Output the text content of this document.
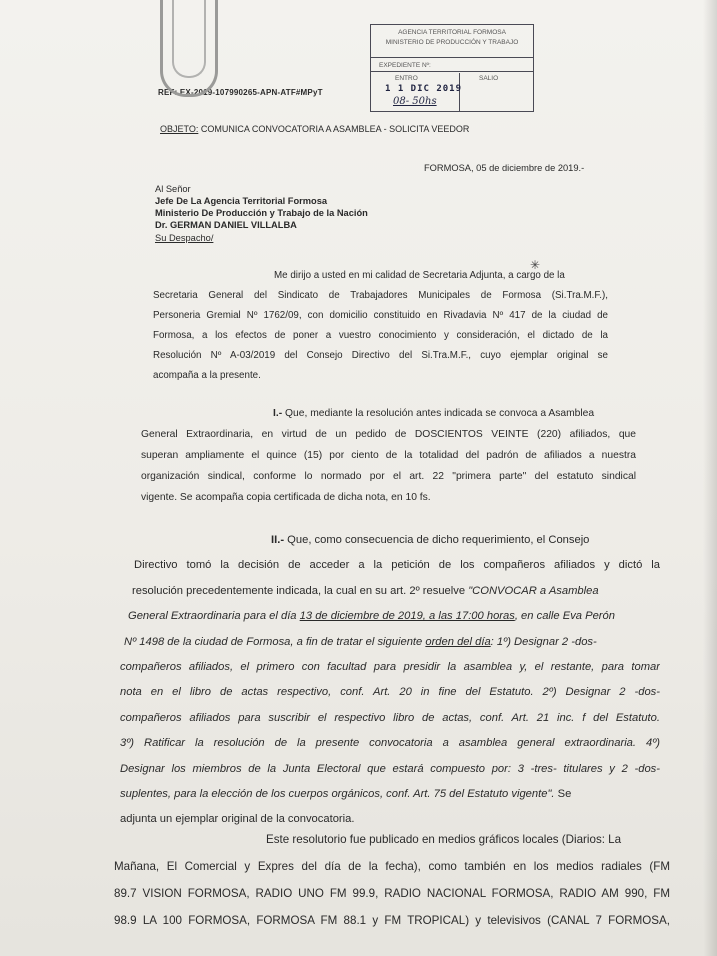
AGENCIA TERRITORIAL FORMOSA
MINISTERIO DE PRODUCCIÓN Y TRABAJO
EXPEDIENTE Nº:
ENTRO	SALIO
1 1 DIC 2019
08- 50hs
REF: EX-2019-107990265-APN-ATF#MPyT
OBJETO: COMUNICA CONVOCATORIA A ASAMBLEA - SOLICITA VEEDOR
FORMOSA, 05 de diciembre de 2019.-
Al Señor
Jefe De La Agencia Territorial Formosa
Ministerio De Producción y Trabajo de la Nación
Dr. GERMAN DANIEL VILLALBA
Su Despacho/
✳
Me dirijo a usted en mi calidad de Secretaria Adjunta, a cargo de la
Secretaria General del Sindicato de Trabajadores Municipales de Formosa (Si.Tra.M.F.),
Personeria Gremial Nº 1762/09, con domicilio constituido en Rivadavia Nº 417 de la ciudad de
Formosa, a los efectos de poner a vuestro conocimiento y consideración, el dictado de la
Resolución Nº A-03/2019 del Consejo Directivo del Si.Tra.M.F., cuyo ejemplar original se
acompaña a la presente.
I.- Que, mediante la resolución antes indicada se convoca a Asamblea
General Extraordinaria, en virtud de un pedido de DOSCIENTOS VEINTE (220) afiliados, que
superan ampliamente el quince (15) por ciento de la totalidad del padrón de afiliados a nuestra
organización sindical, conforme lo normado por el art. 22 "primera parte" del estatuto sindical
vigente. Se acompaña copia certificada de dicha nota, en 10 fs.
II.- Que, como consecuencia de dicho requerimiento, el Consejo
Directivo tomó la decisión de acceder a la petición de los compañeros afiliados y dictó la
resolución precedentemente indicada, la cual en su art. 2º resuelve "CONVOCAR a Asamblea
General Extraordinaria para el día 13 de diciembre de 2019, a las 17:00 horas, en calle Eva Perón
Nº 1498 de la ciudad de Formosa, a fin de tratar el siguiente orden del día: 1º) Designar 2 -dos-
compañeros afiliados, el primero con facultad para presidir la asamblea y, el restante, para tomar
nota en el libro de actas respectivo, conf. Art. 20 in fine del Estatuto. 2º) Designar 2 -dos-
compañeros afiliados para suscribir el respectivo libro de actas, conf. Art. 21 inc. f del Estatuto.
3º) Ratificar la resolución de la presente convocatoria a asamblea general extraordinaria. 4º)
Designar los miembros de la Junta Electoral que estará compuesto por: 3 -tres- titulares y 2 -dos-
suplentes, para la elección de los cuerpos orgánicos, conf. Art. 75 del Estatuto vigente". Se
adjunta un ejemplar original de la convocatoria.
Este resolutorio fue publicado en medios gráficos locales (Diarios: La
Mañana, El Comercial y Expres del día de la fecha), como también en los medios radiales (FM
89.7 VISION FORMOSA, RADIO UNO FM 99.9, RADIO NACIONAL FORMOSA, RADIO AM 990, FM
98.9 LA 100 FORMOSA, FORMOSA FM 88.1 y FM TROPICAL) y televisivos (CANAL 7 FORMOSA,
